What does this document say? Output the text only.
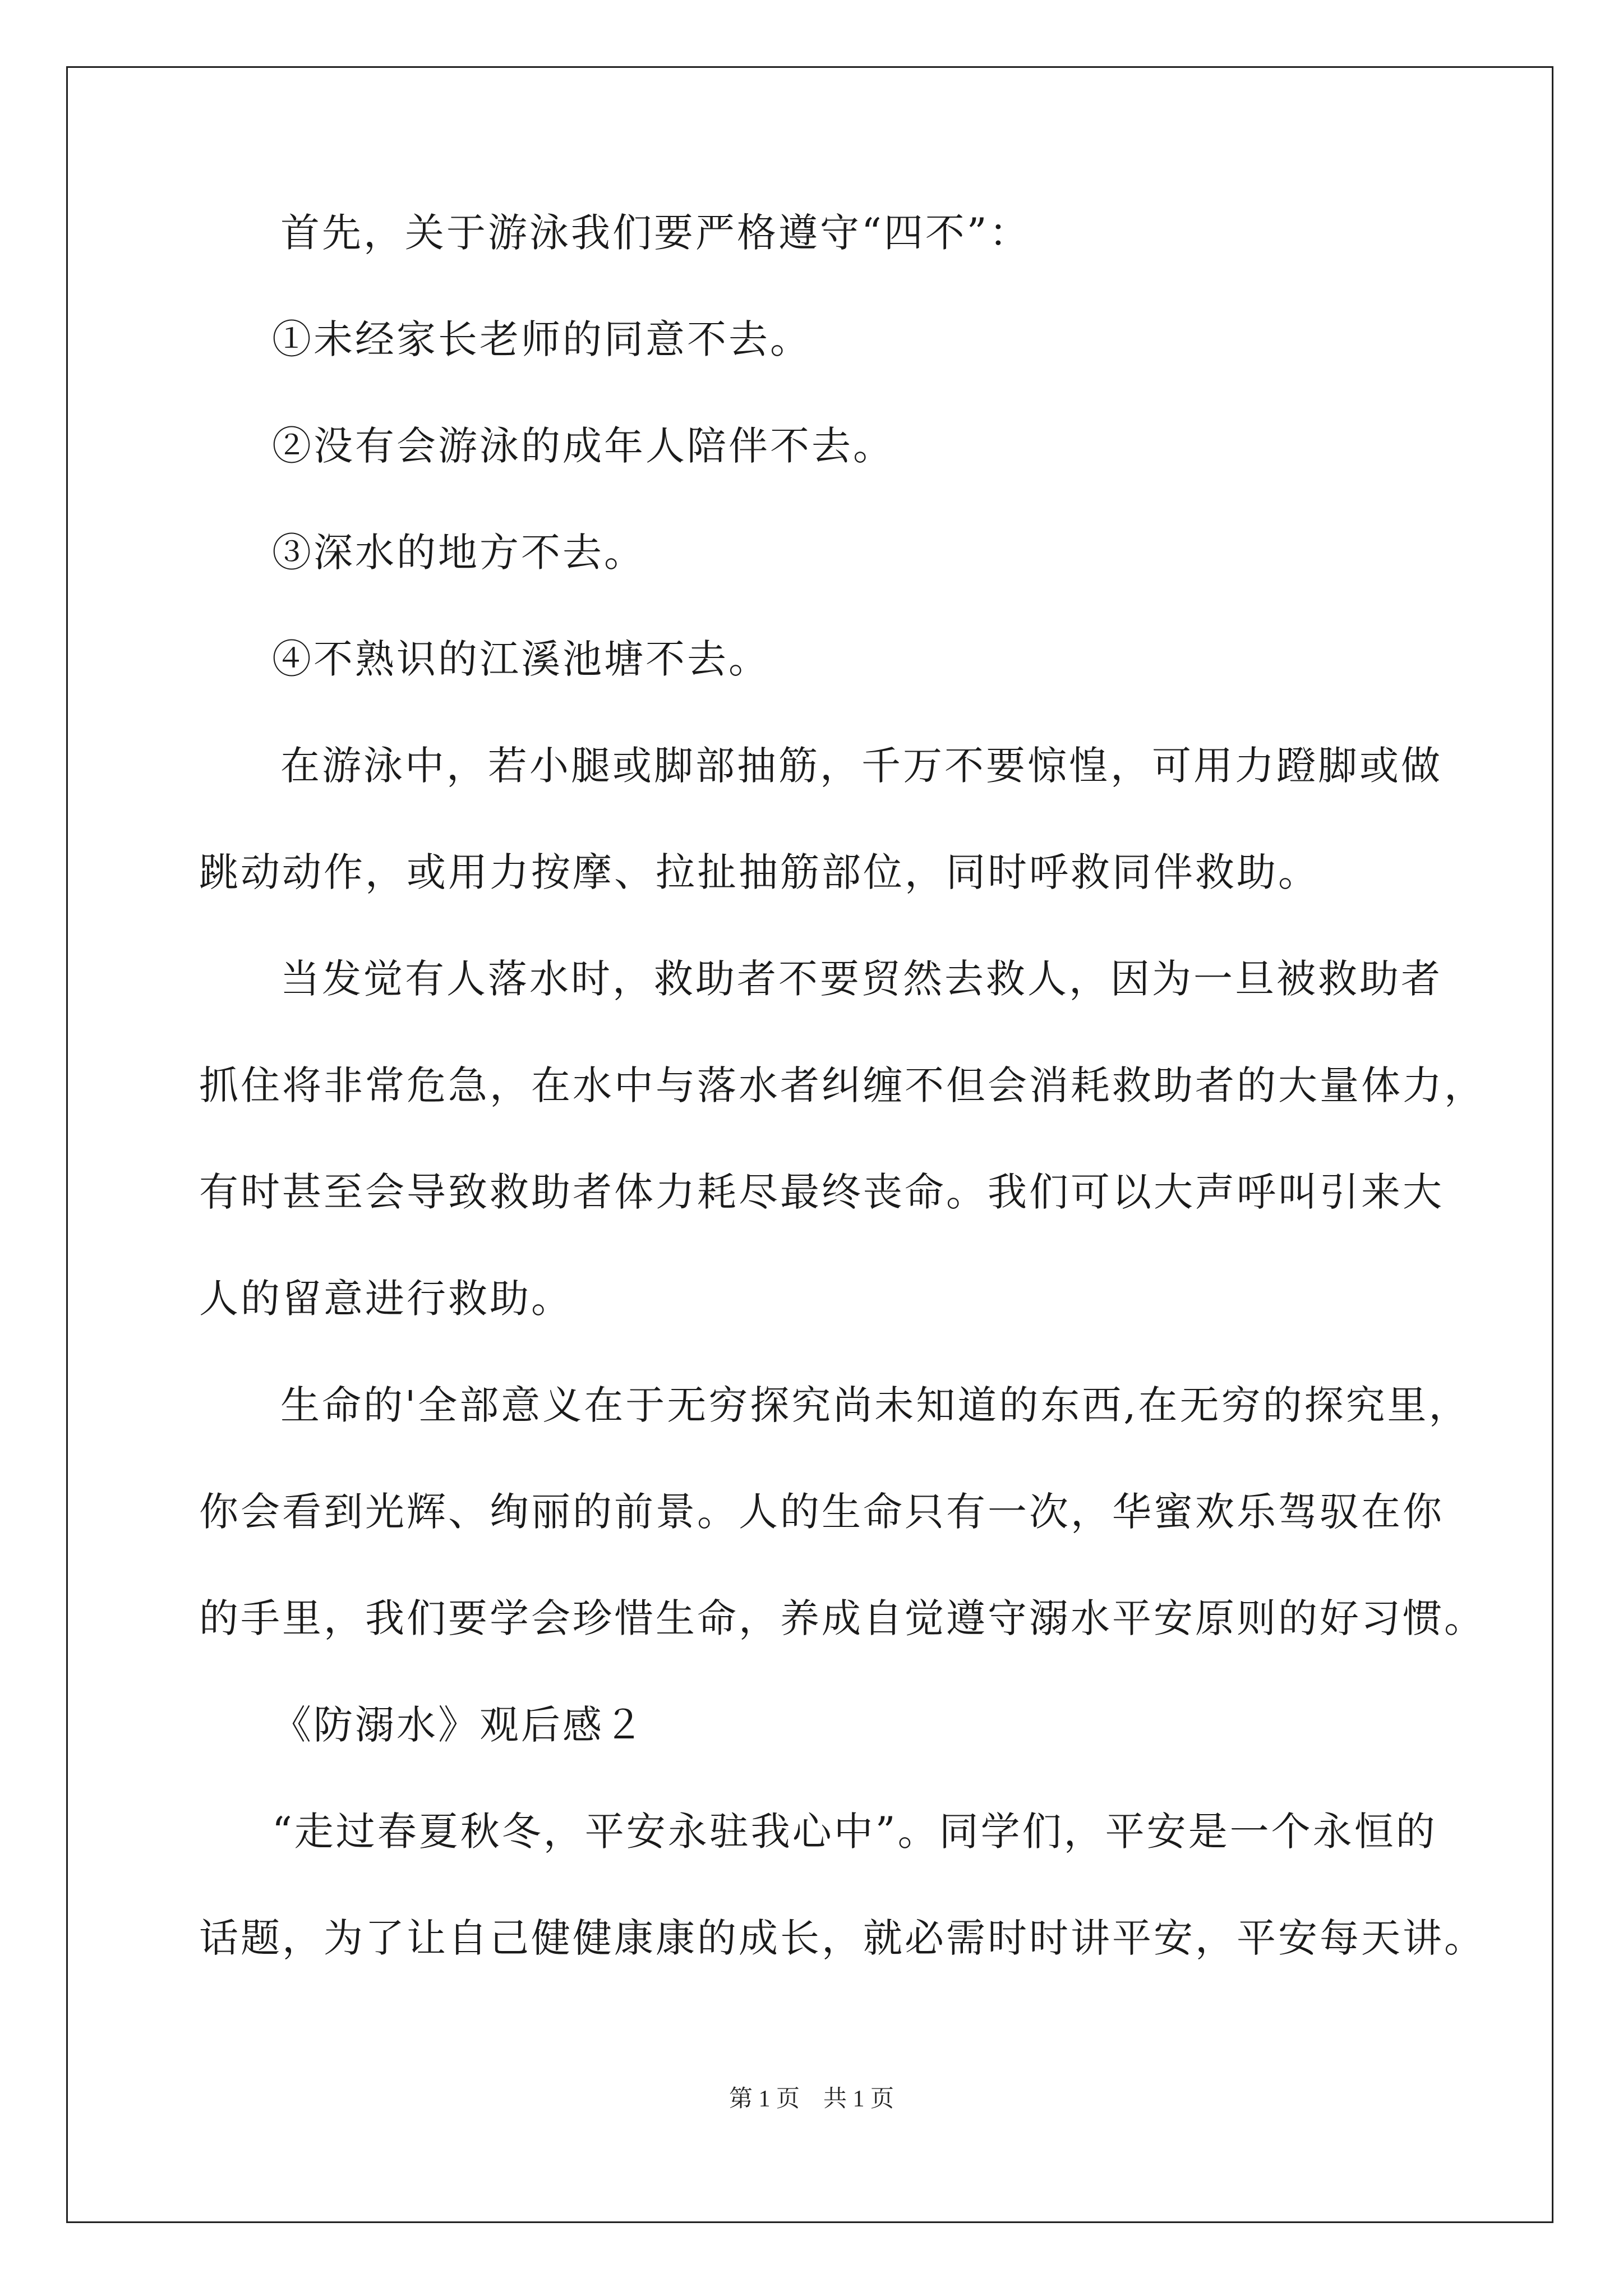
首先，关于游泳我们要严格遵守“四不”：
①未经家长老师的同意不去。
②没有会游泳的成年人陪伴不去。
③深水的地方不去。
④不熟识的江溪池塘不去。
在游泳中，若小腿或脚部抽筋，千万不要惊惶，可用力蹬脚或做
跳动动作，或用力按摩、拉扯抽筋部位，同时呼救同伴救助。
当发觉有人落水时，救助者不要贸然去救人，因为一旦被救助者
抓住将非常危急，在水中与落水者纠缠不但会消耗救助者的大量体力，
有时甚至会导致救助者体力耗尽最终丧命。我们可以大声呼叫引来大
人的留意进行救助。
生命的'全部意义在于无穷探究尚未知道的东西,在无穷的探究里，
你会看到光辉、绚丽的前景。人的生命只有一次，华蜜欢乐驾驭在你
的手里，我们要学会珍惜生命，养成自觉遵守溺水平安原则的好习惯。
《防溺水》观后感２
“走过春夏秋冬，平安永驻我心中”。同学们，平安是一个永恒的
话题，为了让自己健健康康的成长，就必需时时讲平安，平安每天讲。
第 1 页　共 1 页
